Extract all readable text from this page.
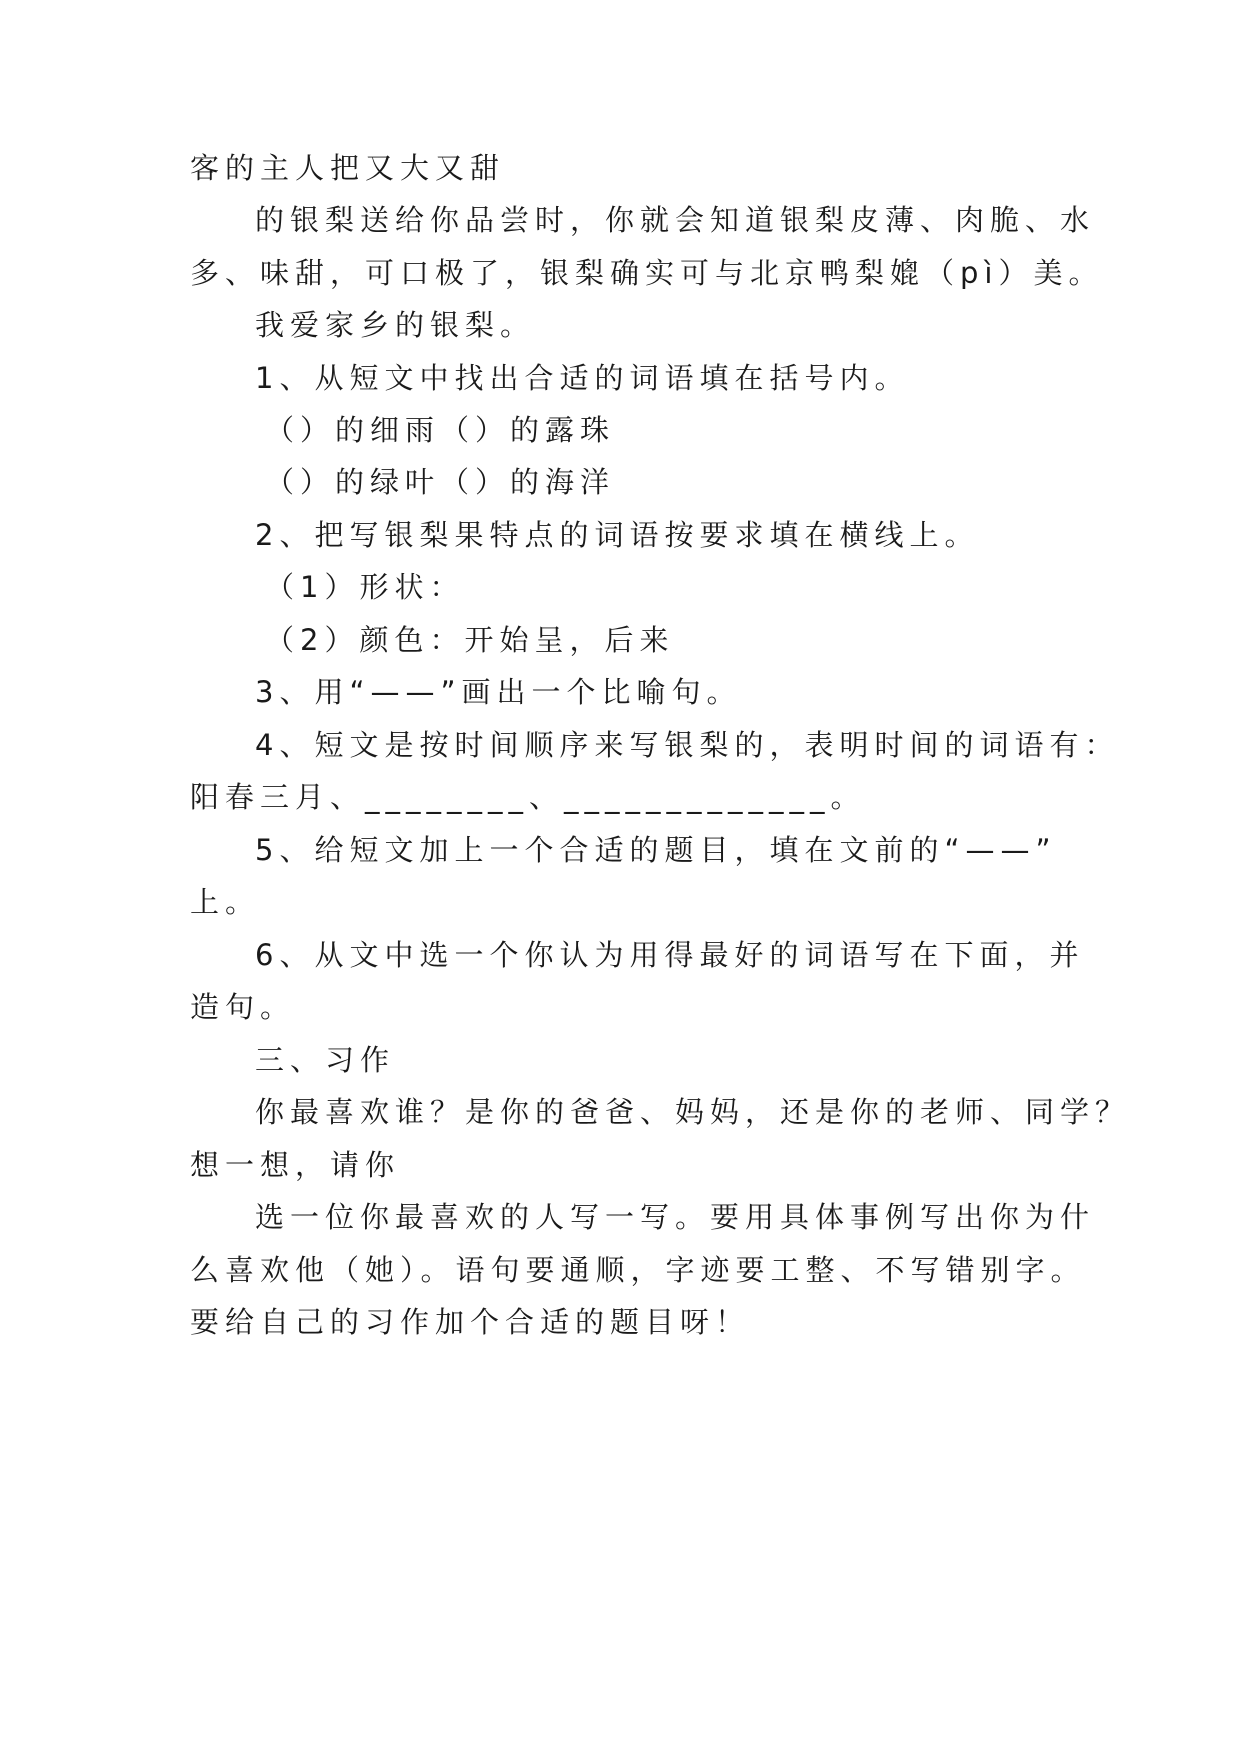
客的主人把又大又甜
的银梨送给你品尝时，你就会知道银梨皮薄、肉脆、水
多、味甜，可口极了，银梨确实可与北京鸭梨媲（pì）美。
我爱家乡的银梨。
1、从短文中找出合适的词语填在括号内。
（）的细雨（）的露珠
（）的绿叶（）的海洋
2、把写银梨果特点的词语按要求填在横线上。
（1）形状：
（2）颜色：开始呈，后来
3、用“——”画出一个比喻句。
4、短文是按时间顺序来写银梨的，表明时间的词语有：
阳春三月、________、_____________。
5、给短文加上一个合适的题目，填在文前的“——”
上。
6、从文中选一个你认为用得最好的词语写在下面，并
造句。
三、习作
你最喜欢谁？是你的爸爸、妈妈，还是你的老师、同学？
想一想，请你
选一位你最喜欢的人写一写。要用具体事例写出你为什
么喜欢他（她）。语句要通顺，字迹要工整、不写错别字。
要给自己的习作加个合适的题目呀！
